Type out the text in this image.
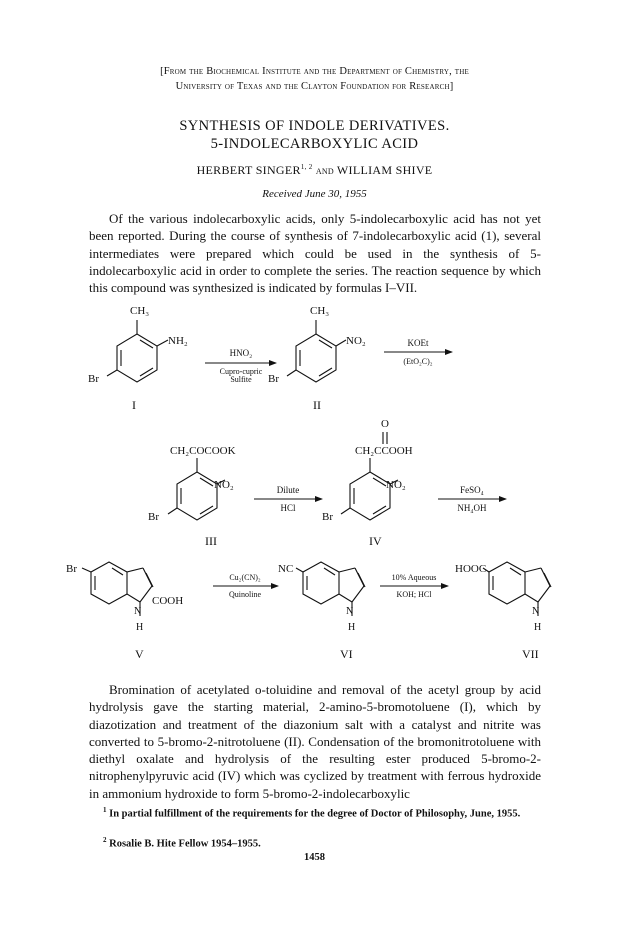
[From the Biochemical Institute and the Department of Chemistry, the
University of Texas and the Clayton Foundation for Research]
SYNTHESIS OF INDOLE DERIVATIVES.
5-INDOLECARBOXYLIC ACID
HERBERT SINGER$^{1, 2}$ and WILLIAM SHIVE
Received June 30, 1955
Of the various indolecarboxylic acids, only 5-indolecarboxylic acid has not yet been reported. During the course of synthesis of 7-indolecarboxylic acid (1), several intermediates were prepared which could be used in the synthesis of 5-indolecarboxylic acid in order to complete the series. The reaction sequence by which this compound was synthesized is indicated by formulas I–VII.
CH₃
NH₂
Br
I
HNO₂
Cupro-cupric
Sulfite
CH₃
NO₂
Br
II
KOEt
(EtO₂C)₂
CH₂COCOOK
NO₂
Br
III
Dilute
HCl
O
CH₂CCOOH
NO₂
Br
IV
FeSO₄
NH₄OH
Br
COOH
N
H
V
Cu₂(CN)₂
Quinoline
NC
N
H
VI
10% Aqueous
KOH; HCl
HOOC
N
H
VII
Bromination of acetylated o-toluidine and removal of the acetyl group by acid hydrolysis gave the starting material, 2-amino-5-bromotoluene (I), which by diazotization and treatment of the diazonium salt with a catalyst and nitrite was converted to 5-bromo-2-nitrotoluene (II). Condensation of the bromonitrotoluene with diethyl oxalate and hydrolysis of the resulting ester produced 5-bromo-2-nitrophenylpyruvic acid (IV) which was cyclized by treatment with ferrous hydroxide in ammonium hydroxide to form 5-bromo-2-indolecarboxylic
$^1$ In partial fulfillment of the requirements for the degree of Doctor of Philosophy, June, 1955.
$^2$ Rosalie B. Hite Fellow 1954–1955.
1458
